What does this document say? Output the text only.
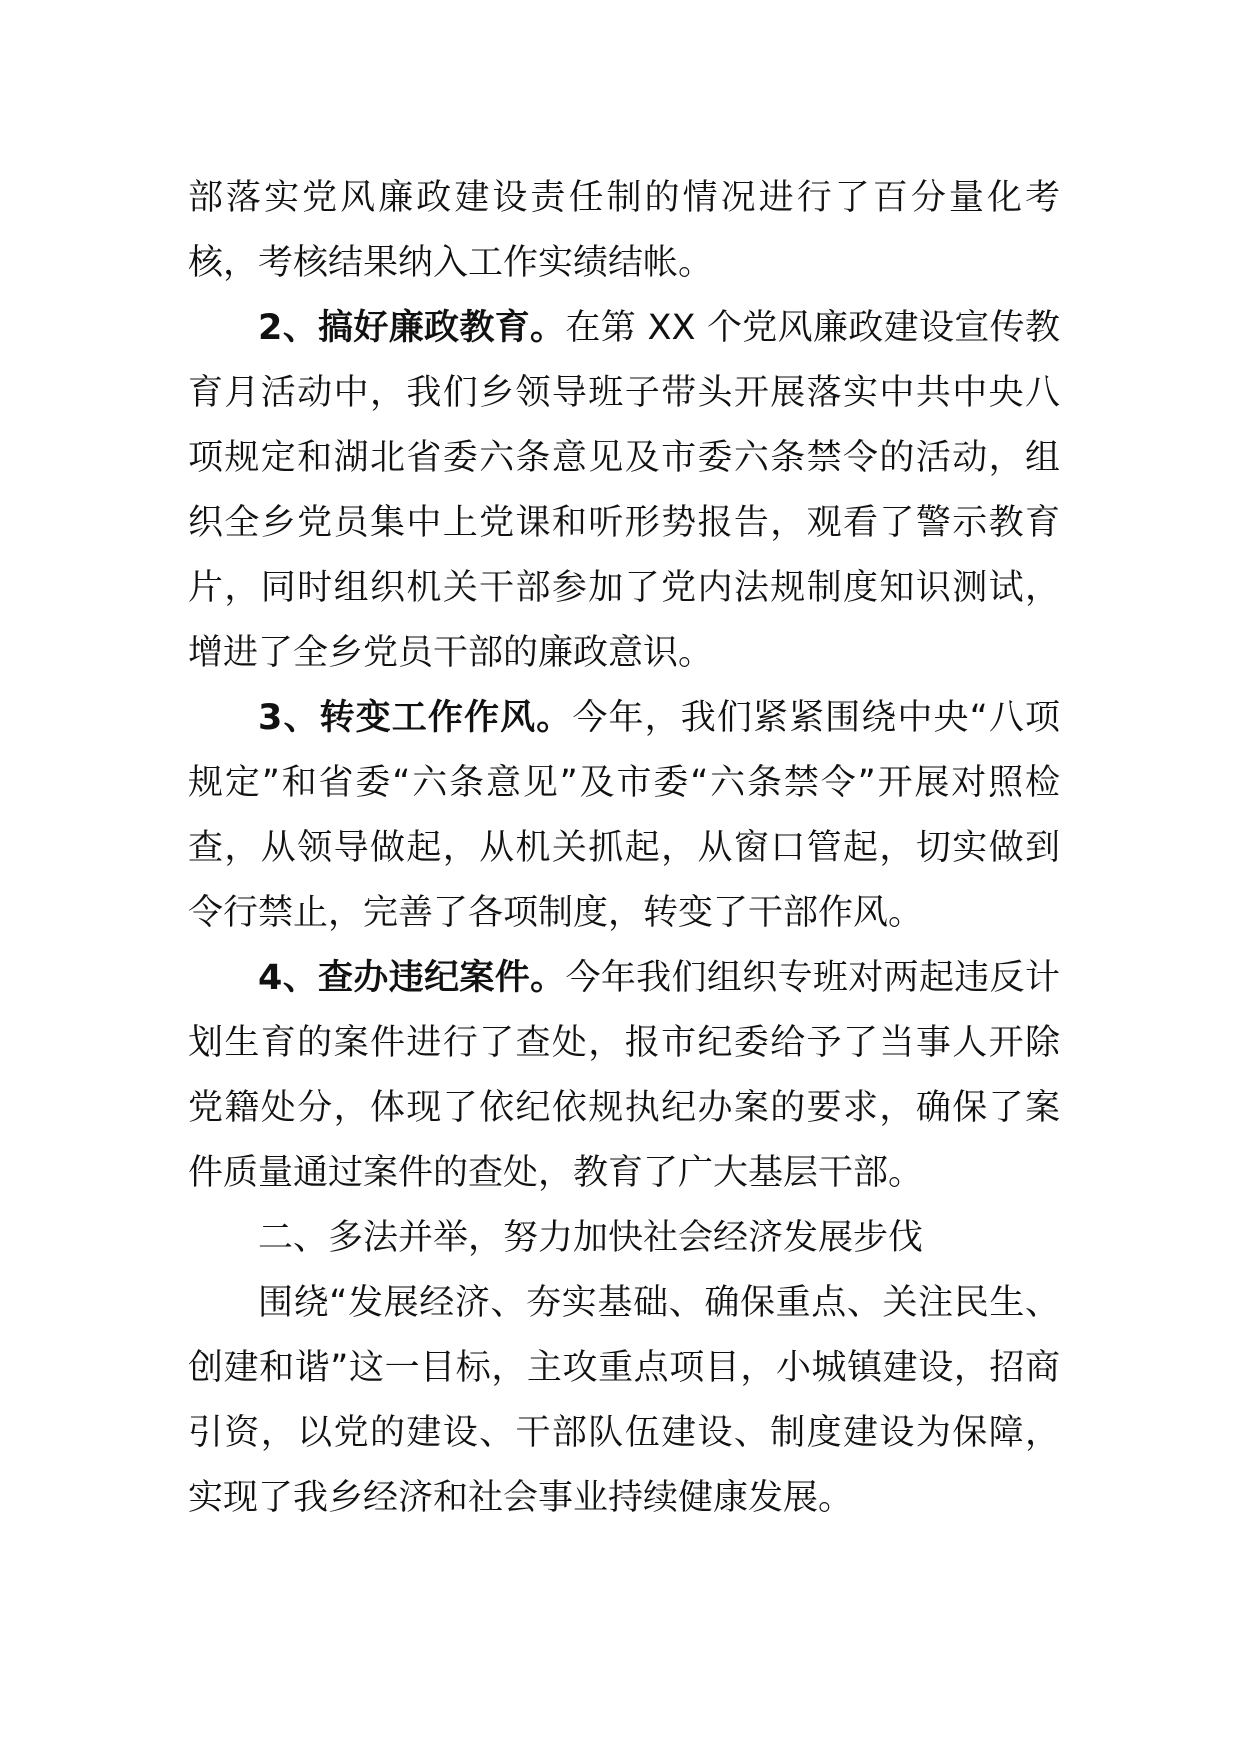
部落实党风廉政建设责任制的情况进行了百分量化考核，考核结果纳入工作实绩结帐。

2、搞好廉政教育。在第 XX 个党风廉政建设宣传教育月活动中，我们乡领导班子带头开展落实中共中央八项规定和湖北省委六条意见及市委六条禁令的活动，组织全乡党员集中上党课和听形势报告，观看了警示教育片，同时组织机关干部参加了党内法规制度知识测试，增进了全乡党员干部的廉政意识。

3、转变工作作风。今年，我们紧紧围绕中央“八项规定”和省委“六条意见”及市委“六条禁令”开展对照检查，从领导做起，从机关抓起，从窗口管起，切实做到令行禁止，完善了各项制度，转变了干部作风。

4、查办违纪案件。今年我们组织专班对两起违反计划生育的案件进行了查处，报市纪委给予了当事人开除党籍处分，体现了依纪依规执纪办案的要求，确保了案件质量通过案件的查处，教育了广大基层干部。

二、多法并举，努力加快社会经济发展步伐

围绕“发展经济、夯实基础、确保重点、关注民生、创建和谐”这一目标，主攻重点项目，小城镇建设，招商引资，以党的建设、干部队伍建设、制度建设为保障，实现了我乡经济和社会事业持续健康发展。
